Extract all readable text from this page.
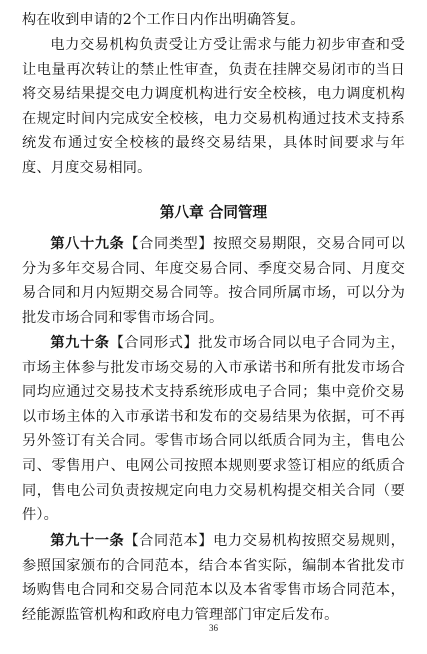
构在收到申请的2个工作日内作出明确答复。

电力交易机构负责受让方受让需求与能力初步审查和受让电量再次转让的禁止性审查，负责在挂牌交易闭市的当日将交易结果提交电力调度机构进行安全校核，电力调度机构在规定时间内完成安全校核，电力交易机构通过技术支持系统发布通过安全校核的最终交易结果，具体时间要求与年度、月度交易相同。

第八章 合同管理

第八十九条【合同类型】按照交易期限，交易合同可以分为多年交易合同、年度交易合同、季度交易合同、月度交易合同和月内短期交易合同等。按合同所属市场，可以分为批发市场合同和零售市场合同。

第九十条【合同形式】批发市场合同以电子合同为主，市场主体参与批发市场交易的入市承诺书和所有批发市场合同均应通过交易技术支持系统形成电子合同；集中竞价交易以市场主体的入市承诺书和发布的交易结果为依据，可不再另外签订有关合同。零售市场合同以纸质合同为主，售电公司、零售用户、电网公司按照本规则要求签订相应的纸质合同，售电公司负责按规定向电力交易机构提交相关合同（要件）。

第九十一条【合同范本】电力交易机构按照交易规则，参照国家颁布的合同范本，结合本省实际，编制本省批发市场购售电合同和交易合同范本以及本省零售市场合同范本，经能源监管机构和政府电力管理部门审定后发布。

36
